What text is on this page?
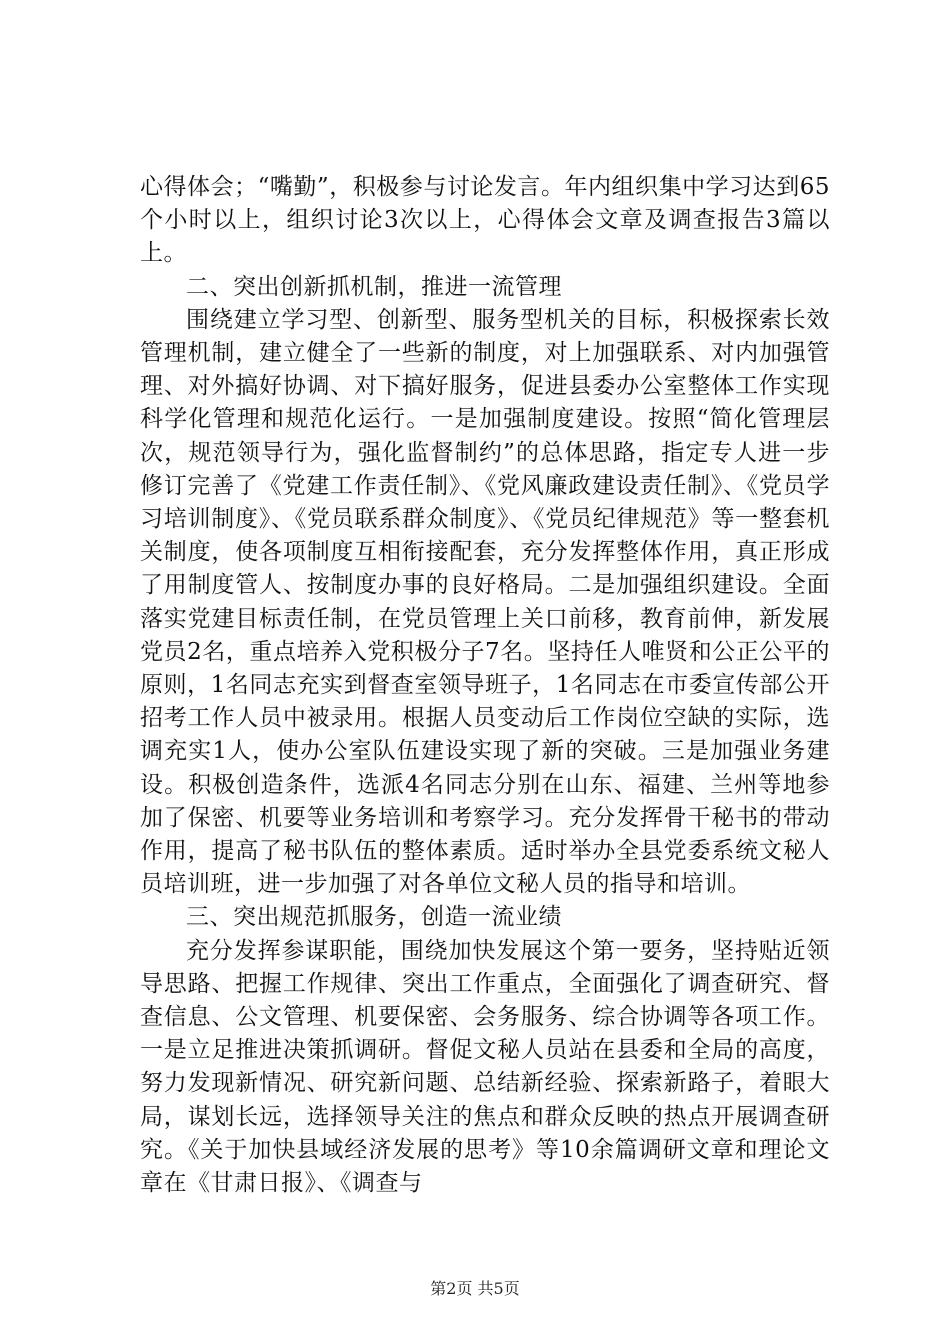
心得体会；“嘴勤”，积极参与讨论发言。年内组织集中学习达到65个小时以上，组织讨论3次以上，心得体会文章及调查报告3篇以上。

二、突出创新抓机制，推进一流管理

围绕建立学习型、创新型、服务型机关的目标，积极探索长效管理机制，建立健全了一些新的制度，对上加强联系、对内加强管理、对外搞好协调、对下搞好服务，促进县委办公室整体工作实现科学化管理和规范化运行。一是加强制度建设。按照“简化管理层次，规范领导行为，强化监督制约”的总体思路，指定专人进一步修订完善了《党建工作责任制》、《党风廉政建设责任制》、《党员学习培训制度》、《党员联系群众制度》、《党员纪律规范》等一整套机关制度，使各项制度互相衔接配套，充分发挥整体作用，真正形成了用制度管人、按制度办事的良好格局。二是加强组织建设。全面落实党建目标责任制，在党员管理上关口前移，教育前伸，新发展党员2名，重点培养入党积极分子7名。坚持任人唯贤和公正公平的原则，1名同志充实到督查室领导班子，1名同志在市委宣传部公开招考工作人员中被录用。根据人员变动后工作岗位空缺的实际，选调充实1人，使办公室队伍建设实现了新的突破。三是加强业务建设。积极创造条件，选派4名同志分别在山东、福建、兰州等地参加了保密、机要等业务培训和考察学习。充分发挥骨干秘书的带动作用，提高了秘书队伍的整体素质。适时举办全县党委系统文秘人员培训班，进一步加强了对各单位文秘人员的指导和培训。

三、突出规范抓服务，创造一流业绩

充分发挥参谋职能，围绕加快发展这个第一要务，坚持贴近领导思路、把握工作规律、突出工作重点，全面强化了调查研究、督查信息、公文管理、机要保密、会务服务、综合协调等各项工作。一是立足推进决策抓调研。督促文秘人员站在县委和全局的高度，努力发现新情况、研究新问题、总结新经验、探索新路子，着眼大局，谋划长远，选择领导关注的焦点和群众反映的热点开展调查研究。《关于加快县域经济发展的思考》等10余篇调研文章和理论文章在《甘肃日报》、《调查与

第2页 共5页
